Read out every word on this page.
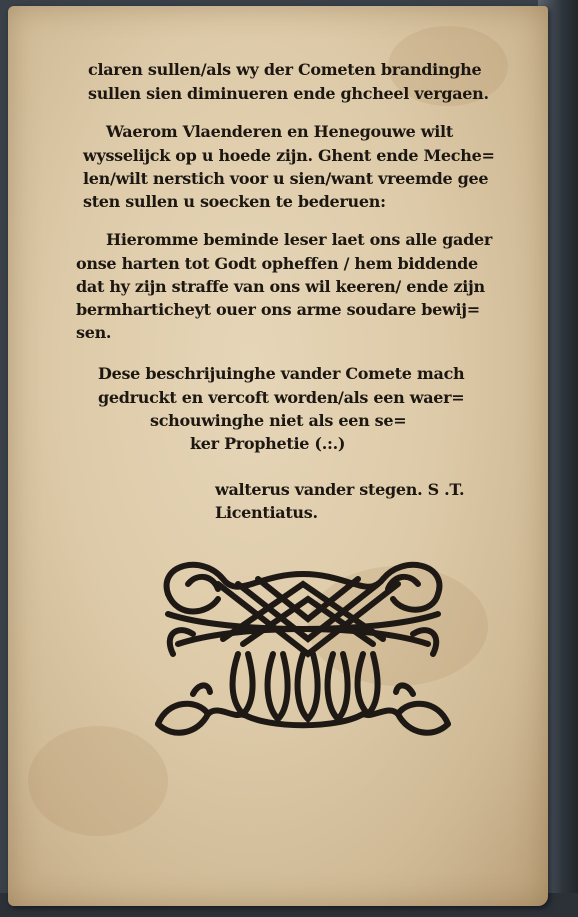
claren sullen/als wy der Cometen brandinghe
sullen sien diminueren ende ghcheel vergaen.
Waerom Vlaenderen en Henegouwe wilt
wysselijck op u hoede zijn. Ghent ende Meche=
len/wilt nerstich voor u sien/want vreemde gee
sten sullen u soecken te bederuen:
Hieromme beminde leser laet ons alle gader
onse harten tot Godt opheffen / hem biddende
dat hy zijn straffe van ons wil keeren/ ende zijn
bermharticheyt ouer ons arme soudare bewij=
sen.
Dese beschrijuinghe vander Comete mach
gedruckt en vercoft worden/als een waer=
schouwinghe niet als een se=
ker Prophetie (.:.)
walterus vander stegen. S .T.
Licentiatus.
